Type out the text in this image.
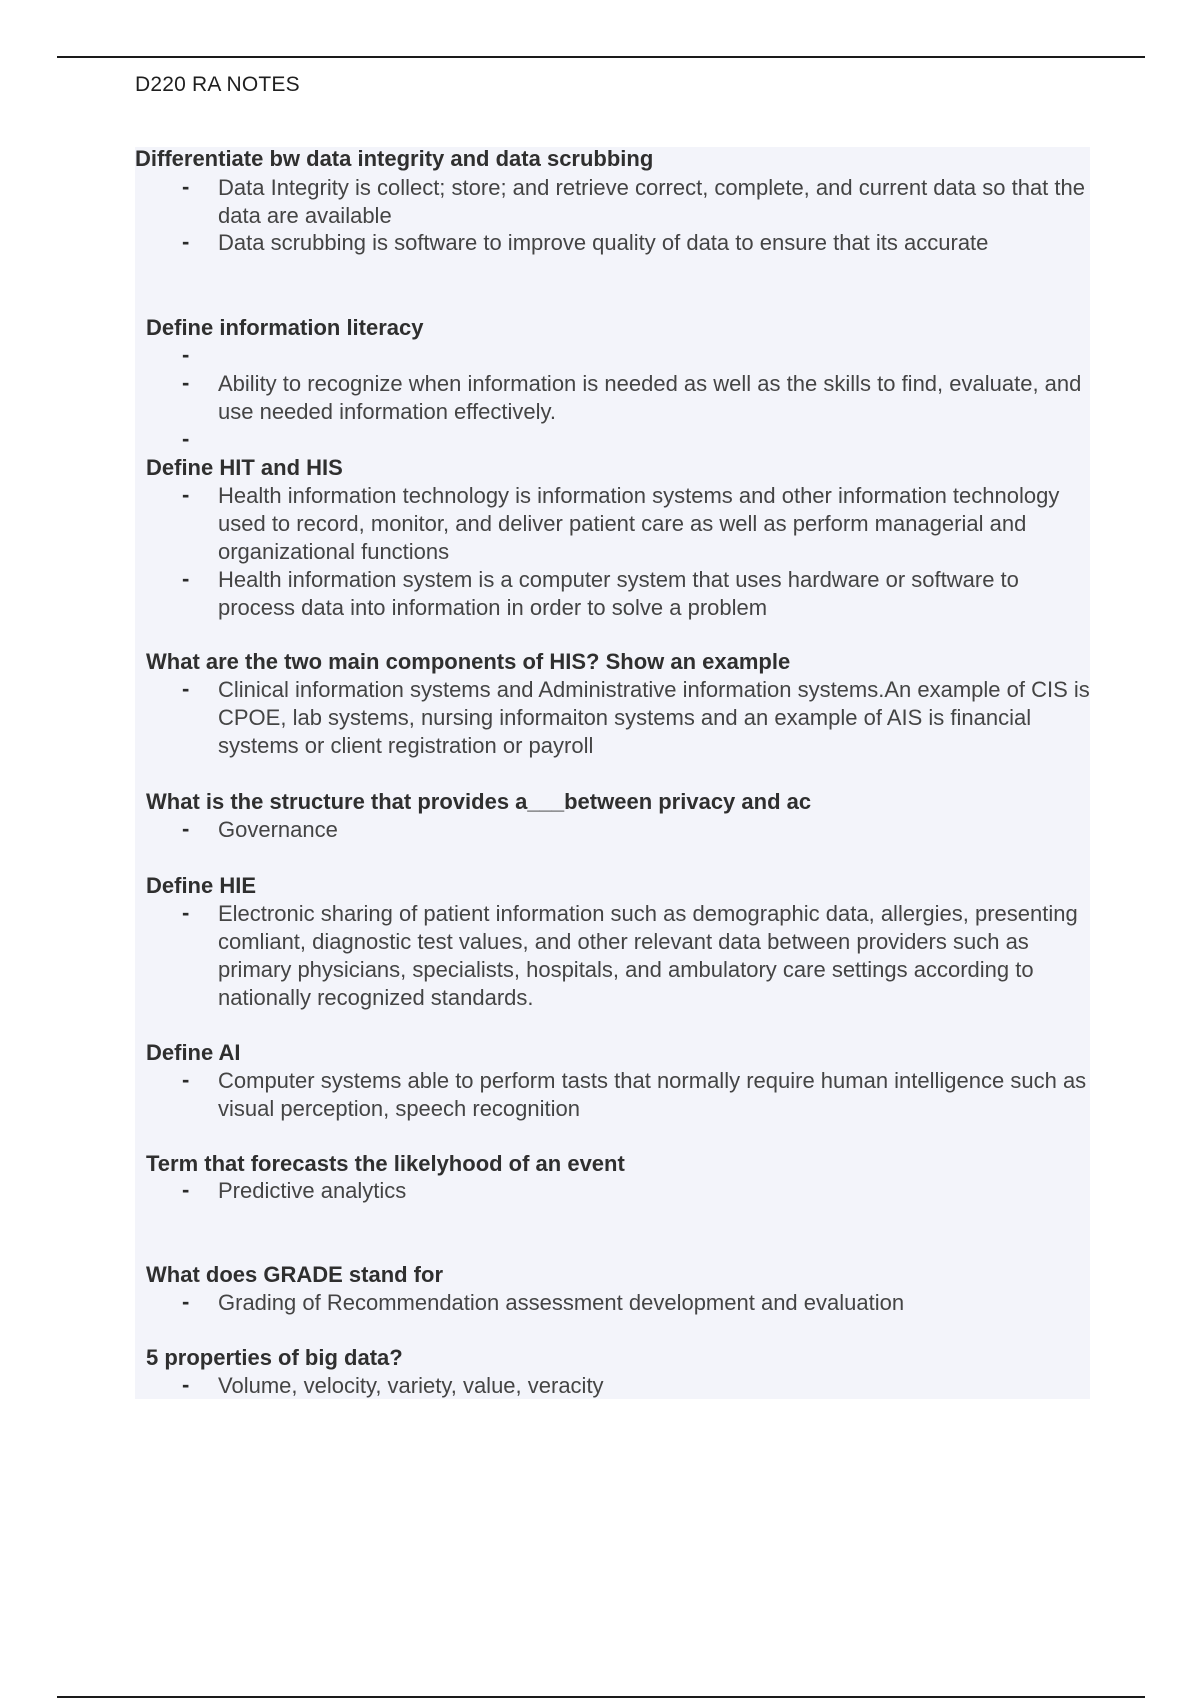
D220 RA NOTES
Differentiate bw data integrity and data scrubbing
- Data Integrity is collect; store; and retrieve correct, complete, and current data so that the data are available
- Data scrubbing is software to improve quality of data to ensure that its accurate
Define information literacy
-
- Ability to recognize when information is needed as well as the skills to find, evaluate, and use needed information effectively.
-
Define HIT and HIS
- Health information technology is information systems and other information technology used to record, monitor, and deliver patient care as well as perform managerial and organizational functions
- Health information system is a computer system that uses hardware or software to process data into information in order to solve a problem
What are the two main components of HIS? Show an example
- Clinical information systems and Administrative information systems.An example of CIS is CPOE, lab systems, nursing informaiton systems and an example of AIS is financial systems or client registration or payroll
What is the structure that provides a___between privacy and ac
- Governance
Define HIE
- Electronic sharing of patient information such as demographic data, allergies, presenting comliant, diagnostic test values, and other relevant data between providers such as primary physicians, specialists, hospitals, and ambulatory care settings according to nationally recognized standards.
Define AI
- Computer systems able to perform tasts that normally require human intelligence such as visual perception, speech recognition
Term that forecasts the likelyhood of an event
- Predictive analytics
What does GRADE stand for
- Grading of Recommendation assessment development and evaluation
5 properties of big data?
- Volume, velocity, variety, value, veracity
